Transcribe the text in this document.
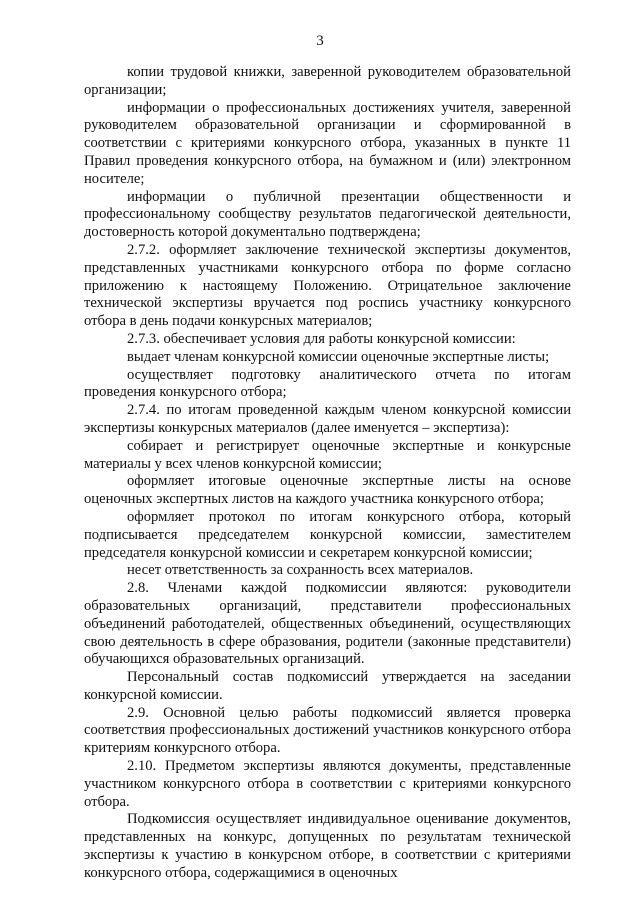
3

копии трудовой книжки, заверенной руководителем образовательной организации;

информации о профессиональных достижениях учителя, заверенной руководителем образовательной организации и сформированной в соответствии с критериями конкурсного отбора, указанных в пункте 11 Правил проведения конкурсного отбора, на бумажном и (или) электронном носителе;

информации о публичной презентации общественности и профессиональному сообществу результатов педагогической деятельности, достоверность которой документально подтверждена;

2.7.2. оформляет заключение технической экспертизы документов, представленных участниками конкурсного отбора по форме согласно приложению к настоящему Положению. Отрицательное заключение технической экспертизы вручается под роспись участнику конкурсного отбора в день подачи конкурсных материалов;

2.7.3. обеспечивает условия для работы конкурсной комиссии:

выдает членам конкурсной комиссии оценочные экспертные листы;

осуществляет подготовку аналитического отчета по итогам проведения конкурсного отбора;

2.7.4. по итогам проведенной каждым членом конкурсной комиссии экспертизы конкурсных материалов (далее именуется – экспертиза):

собирает и регистрирует оценочные экспертные и конкурсные материалы у всех членов конкурсной комиссии;

оформляет итоговые оценочные экспертные листы на основе оценочных экспертных листов на каждого участника конкурсного отбора;

оформляет протокол по итогам конкурсного отбора, который подписывается председателем конкурсной комиссии, заместителем председателя конкурсной комиссии и секретарем конкурсной комиссии;

несет ответственность за сохранность всех материалов.

2.8. Членами каждой подкомиссии являются: руководители образовательных организаций, представители профессиональных объединений работодателей, общественных объединений, осуществляющих свою деятельность в сфере образования, родители (законные представители) обучающихся образовательных организаций.

Персональный состав подкомиссий утверждается на заседании конкурсной комиссии.

2.9. Основной целью работы подкомиссий является проверка соответствия профессиональных достижений участников конкурсного отбора критериям конкурсного отбора.

2.10. Предметом экспертизы являются документы, представленные участником конкурсного отбора в соответствии с критериями конкурсного отбора.

Подкомиссия осуществляет индивидуальное оценивание документов, представленных на конкурс, допущенных по результатам технической экспертизы к участию в конкурсном отборе, в соответствии с критериями конкурсного отбора, содержащимися в оценочных
